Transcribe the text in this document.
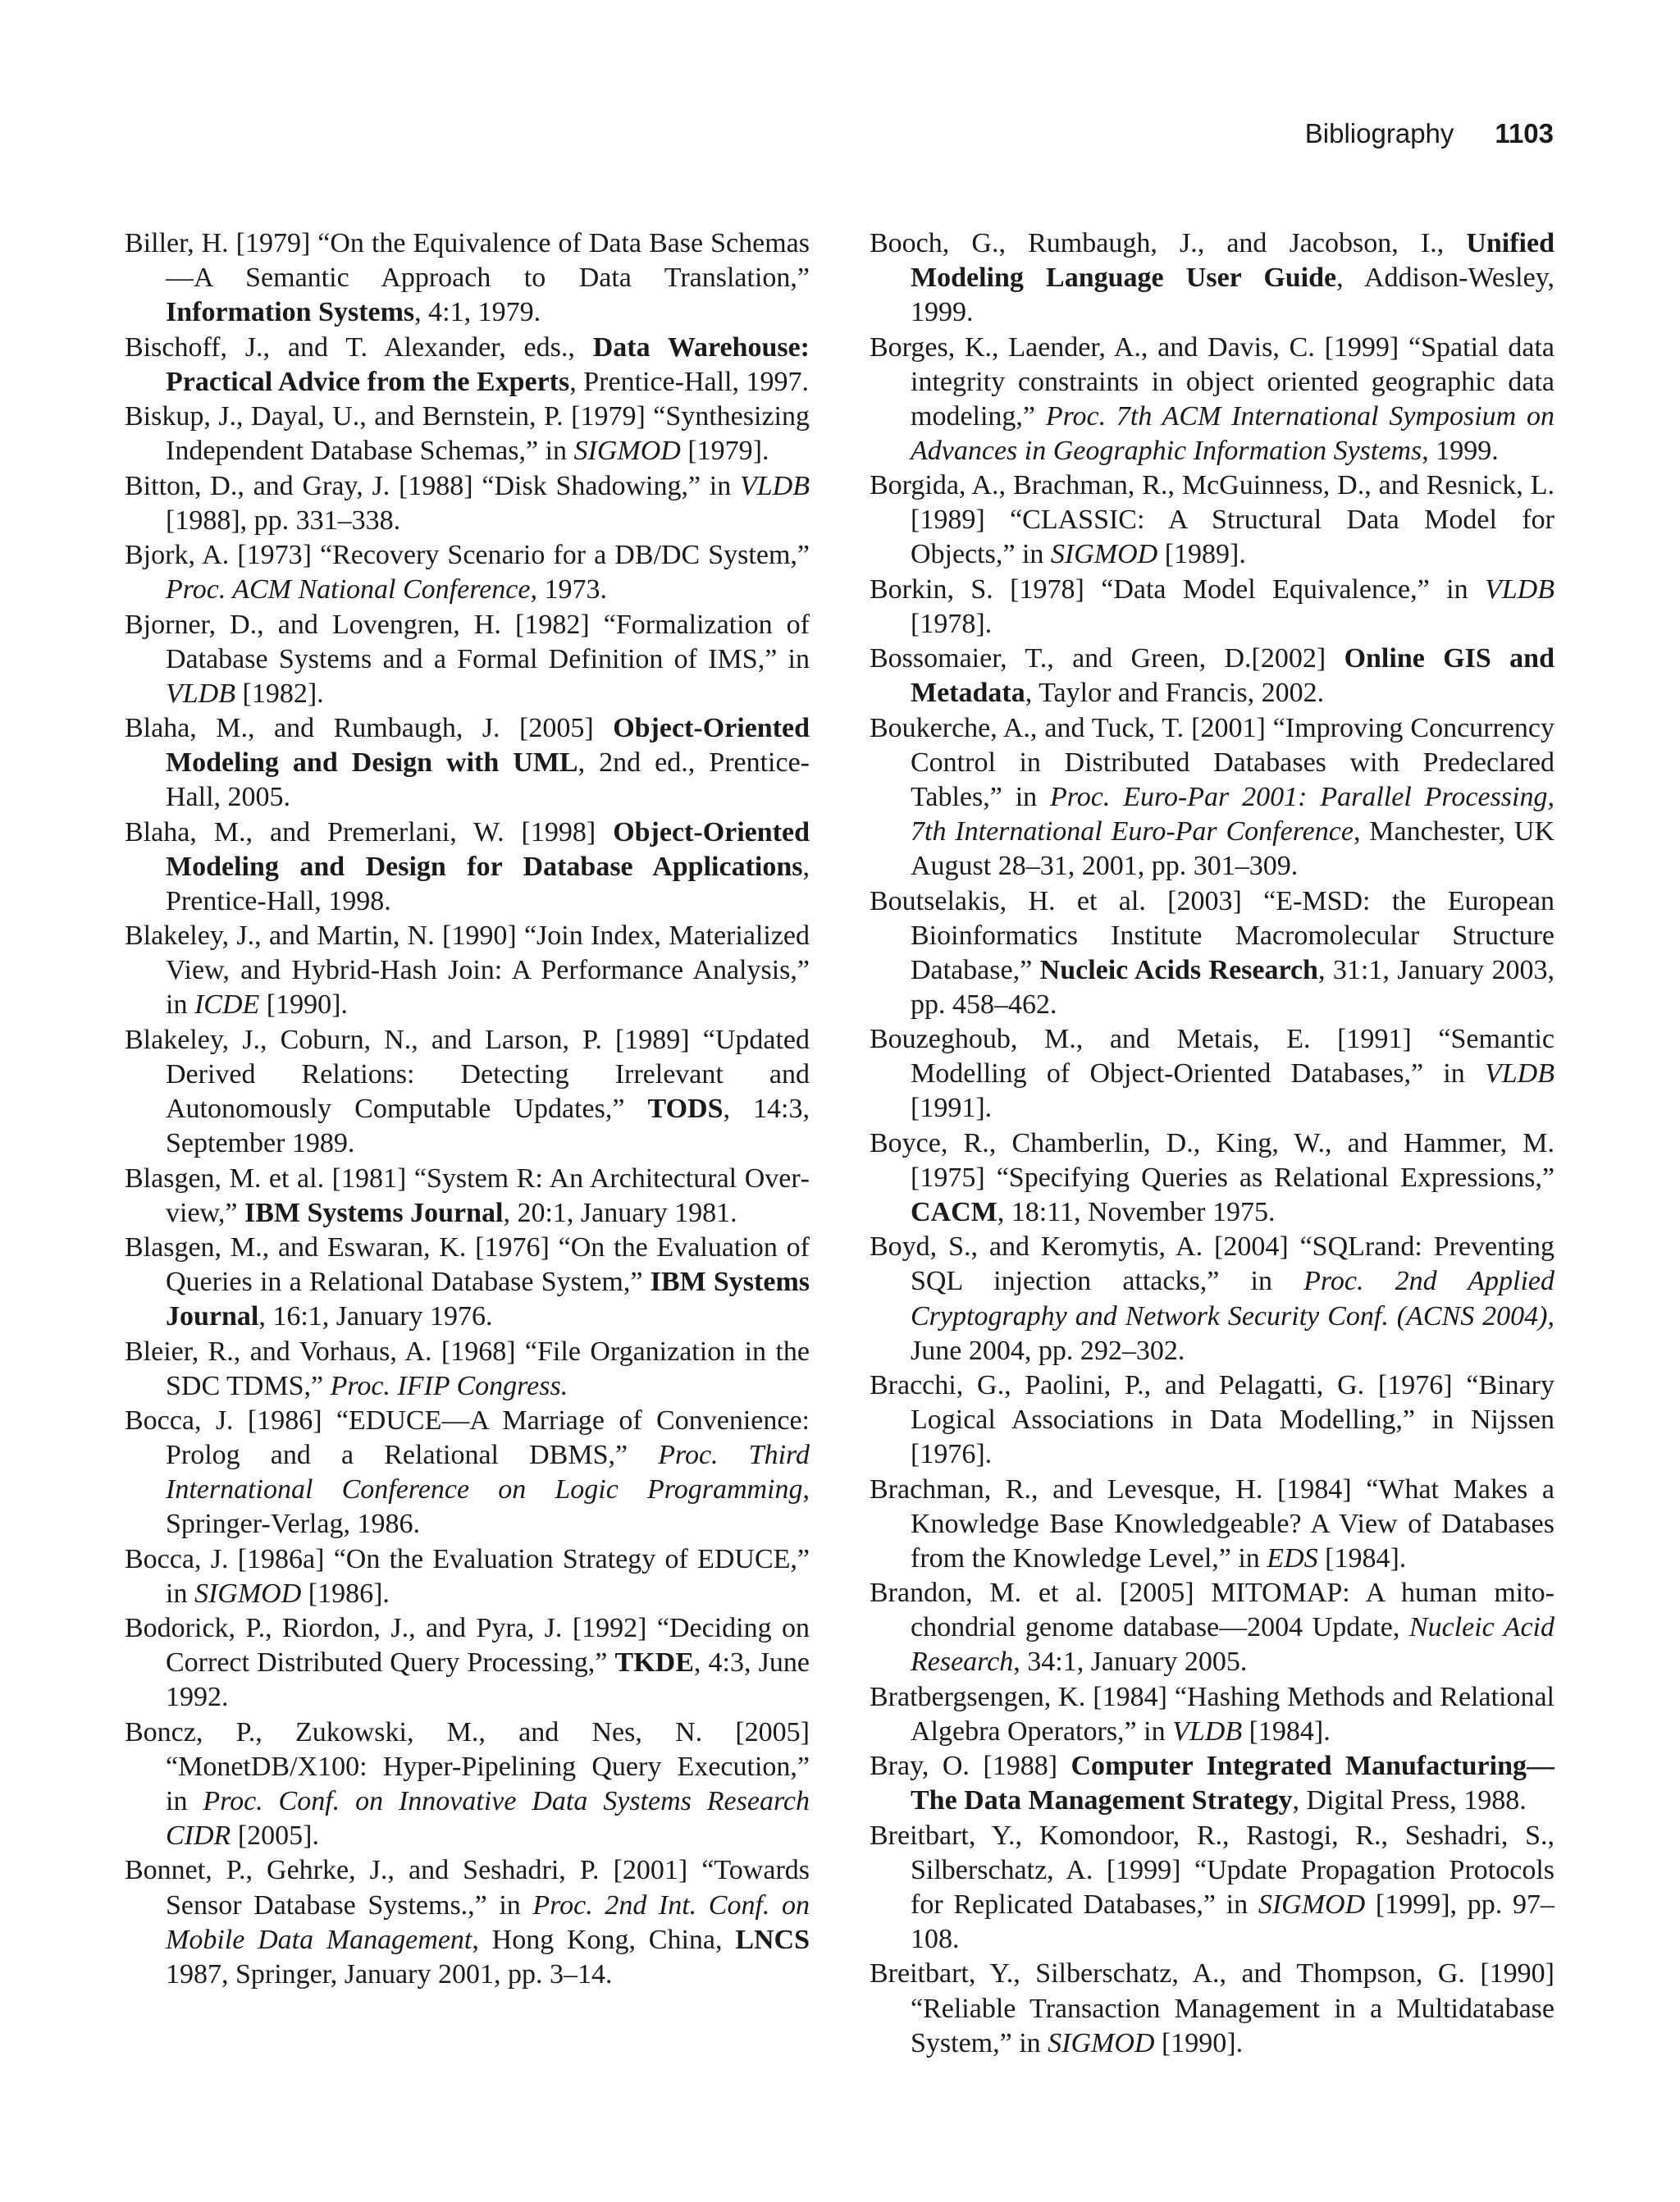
Bibliography 1103

Biller, H. [1979] “On the Equivalence of Data Base Schemas—A Semantic Approach to Data Translation,” Information Systems, 4:1, 1979.

Bischoff, J., and T. Alexander, eds., Data Warehouse: Practical Advice from the Experts, Prentice-Hall, 1997.

Biskup, J., Dayal, U., and Bernstein, P. [1979] “Synthesizing Independent Database Schemas,” in SIGMOD [1979].

Bitton, D., and Gray, J. [1988] “Disk Shadowing,” in VLDB [1988], pp. 331–338.

Bjork, A. [1973] “Recovery Scenario for a DB/DC System,” Proc. ACM National Conference, 1973.

Bjorner, D., and Lovengren, H. [1982] “Formalization of Database Systems and a Formal Definition of IMS,” in VLDB [1982].

Blaha, M., and Rumbaugh, J. [2005] Object-Oriented Modeling and Design with UML, 2nd ed., Prentice-Hall, 2005.

Blaha, M., and Premerlani, W. [1998] Object-Oriented Modeling and Design for Database Applications, Prentice-Hall, 1998.

Blakeley, J., and Martin, N. [1990] “Join Index, Materialized View, and Hybrid-Hash Join: A Performance Analysis,” in ICDE [1990].

Blakeley, J., Coburn, N., and Larson, P. [1989] “Updated Derived Relations: Detecting Irrelevant and Autonomously Computable Updates,” TODS, 14:3, September 1989.

Blasgen, M. et al. [1981] “System R: An Architectural Overview,” IBM Systems Journal, 20:1, January 1981.

Blasgen, M., and Eswaran, K. [1976] “On the Evaluation of Queries in a Relational Database System,” IBM Systems Journal, 16:1, January 1976.

Bleier, R., and Vorhaus, A. [1968] “File Organization in the SDC TDMS,” Proc. IFIP Congress.

Bocca, J. [1986] “EDUCE—A Marriage of Convenience: Prolog and a Relational DBMS,” Proc. Third International Conference on Logic Programming, Springer-Verlag, 1986.

Bocca, J. [1986a] “On the Evaluation Strategy of EDUCE,” in SIGMOD [1986].

Bodorick, P., Riordon, J., and Pyra, J. [1992] “Deciding on Correct Distributed Query Processing,” TKDE, 4:3, June 1992.

Boncz, P., Zukowski, M., and Nes, N. [2005] “MonetDB/X100: Hyper-Pipelining Query Execution,” in Proc. Conf. on Innovative Data Systems Research CIDR [2005].

Bonnet, P., Gehrke, J., and Seshadri, P. [2001] “Towards Sensor Database Systems.,” in Proc. 2nd Int. Conf. on Mobile Data Management, Hong Kong, China, LNCS 1987, Springer, January 2001, pp. 3–14.

Booch, G., Rumbaugh, J., and Jacobson, I., Unified Modeling Language User Guide, Addison-Wesley, 1999.

Borges, K., Laender, A., and Davis, C. [1999] “Spatial data integrity constraints in object oriented geographic data modeling,” Proc. 7th ACM International Symposium on Advances in Geographic Information Systems, 1999.

Borgida, A., Brachman, R., McGuinness, D., and Resnick, L. [1989] “CLASSIC: A Structural Data Model for Objects,” in SIGMOD [1989].

Borkin, S. [1978] “Data Model Equivalence,” in VLDB [1978].

Bossomaier, T., and Green, D.[2002] Online GIS and Metadata, Taylor and Francis, 2002.

Boukerche, A., and Tuck, T. [2001] “Improving Concurrency Control in Distributed Databases with Predeclared Tables,” in Proc. Euro-Par 2001: Parallel Processing, 7th International Euro-Par Conference, Manchester, UK August 28–31, 2001, pp. 301–309.

Boutselakis, H. et al. [2003] “E-MSD: the European Bioinformatics Institute Macromolecular Structure Database,” Nucleic Acids Research, 31:1, January 2003, pp. 458–462.

Bouzeghoub, M., and Metais, E. [1991] “Semantic Modelling of Object-Oriented Databases,” in VLDB [1991].

Boyce, R., Chamberlin, D., King, W., and Hammer, M. [1975] “Specifying Queries as Relational Expressions,” CACM, 18:11, November 1975.

Boyd, S., and Keromytis, A. [2004] “SQLrand: Preventing SQL injection attacks,” in Proc. 2nd Applied Cryptography and Network Security Conf. (ACNS 2004), June 2004, pp. 292–302.

Bracchi, G., Paolini, P., and Pelagatti, G. [1976] “Binary Logical Associations in Data Modelling,” in Nijssen [1976].

Brachman, R., and Levesque, H. [1984] “What Makes a Knowledge Base Knowledgeable? A View of Databases from the Knowledge Level,” in EDS [1984].

Brandon, M. et al. [2005] MITOMAP: A human mitochondrial genome database—2004 Update, Nucleic Acid Research, 34:1, January 2005.

Bratbergsengen, K. [1984] “Hashing Methods and Relational Algebra Operators,” in VLDB [1984].

Bray, O. [1988] Computer Integrated Manufacturing—The Data Management Strategy, Digital Press, 1988.

Breitbart, Y., Komondoor, R., Rastogi, R., Seshadri, S., Silberschatz, A. [1999] “Update Propagation Protocols for Replicated Databases,” in SIGMOD [1999], pp. 97–108.

Breitbart, Y., Silberschatz, A., and Thompson, G. [1990] “Reliable Transaction Management in a Multidatabase System,” in SIGMOD [1990].
